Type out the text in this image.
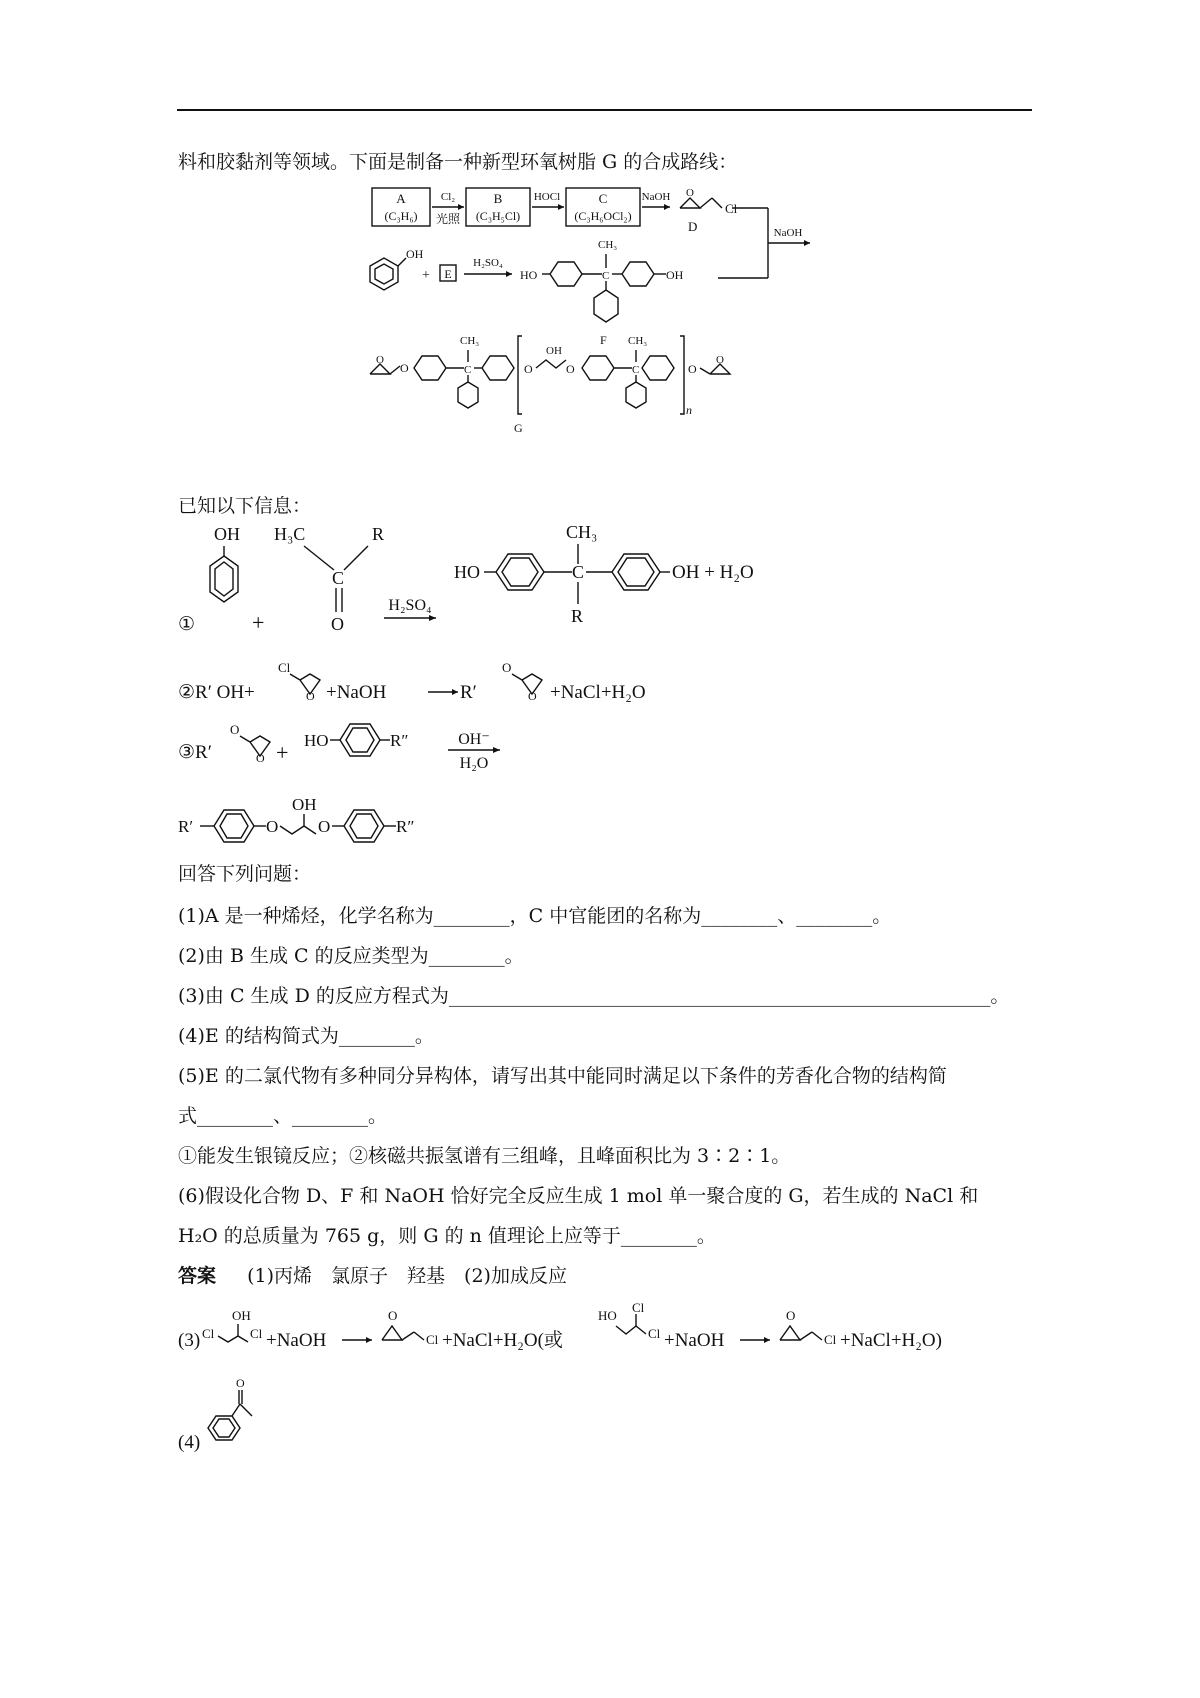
料和胶黏剂等领域。下面是制备一种新型环氧树脂 G 的合成路线：
A
(C₃H₆)
Cl₂
光照
B
(C₃H₅Cl)
HOCl	C
(C₃H₆OCl₂)
NaOH O
Cl
D	NaOH
OH
+ E
H₂SO₄
HO	C
CH₃
OH
F
O
O	C
CH₃
O
OH
O	C
CH₃
n
O
O
G
已知以下信息：
①
OH
+
H₃C	R
C
O
H₂SO₄
HO	C
CH₃
R
OH + H₂O
②R′ OH+
Cl
O +NaOH	R′
O
O +NaCl+H₂O
③R′
O
O + HO	R″	OH⁻
H₂O
R′	O
OH
O	R″
回答下列问题：
(1)A 是一种烯烃，化学名称为________，C 中官能团的名称为________、________。
(2)由 B 生成 C 的反应类型为________。
(3)由 C 生成 D 的反应方程式为_________________________________________________________。
(4)E 的结构简式为________。
(5)E 的二氯代物有多种同分异构体，请写出其中能同时满足以下条件的芳香化合物的结构简
式________、________。
①能发生银镜反应；②核磁共振氢谱有三组峰，且峰面积比为 3∶2∶1。
(6)假设化合物 D、F 和 NaOH 恰好完全反应生成 1 mol 单一聚合度的 G，若生成的 NaCl 和
H₂O 的总质量为 765 g，则 G 的 n 值理论上应等于________。
答案 　 (1)丙烯　氯原子　羟基　(2)加成反应
(3) Cl
OH
Cl +NaOH
O
Cl +NaCl+H₂O(或
HO
Cl
Cl +NaOH
O
Cl +NaCl+H₂O)
(4)
O
